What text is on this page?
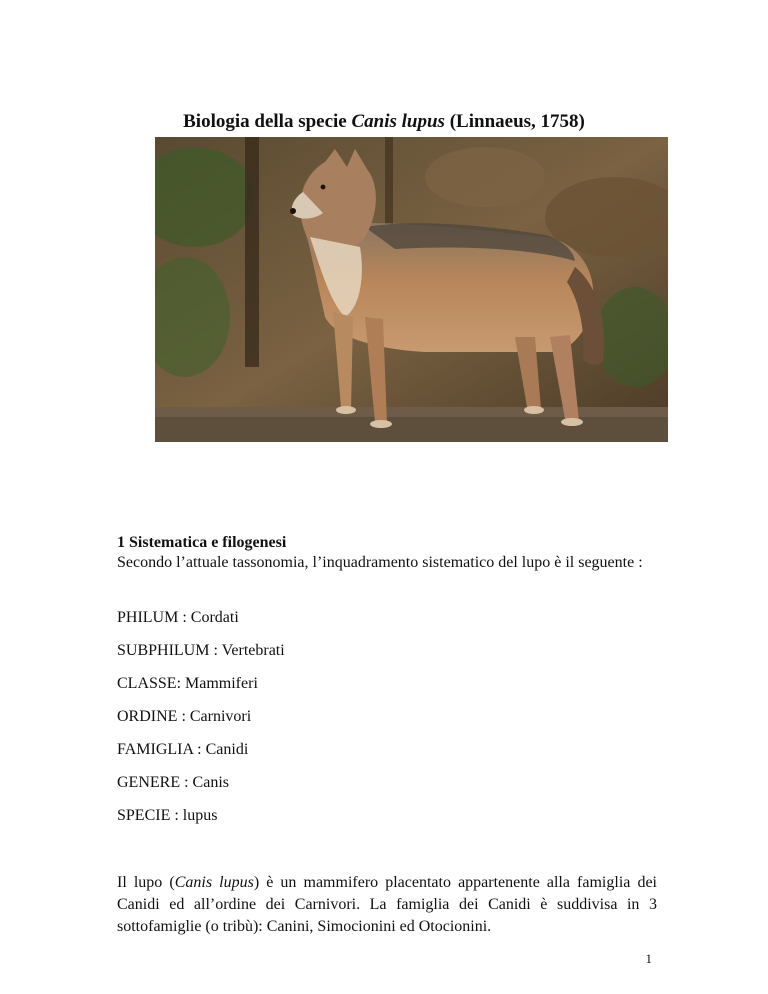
Biologia della specie Canis lupus (Linnaeus, 1758)
1 Sistematica e filogenesi
Secondo l’attuale tassonomia, l’inquadramento sistematico del lupo è il seguente :
PHILUM : Cordati
SUBPHILUM : Vertebrati
CLASSE: Mammiferi
ORDINE : Carnivori
FAMIGLIA : Canidi
GENERE : Canis
SPECIE : lupus
Il lupo (Canis lupus) è un mammifero placentato appartenente alla famiglia dei Canidi ed all’ordine dei Carnivori. La famiglia dei Canidi è suddivisa in 3 sottofamiglie (o tribù): Canini, Simocionini ed Otocionini.
1
